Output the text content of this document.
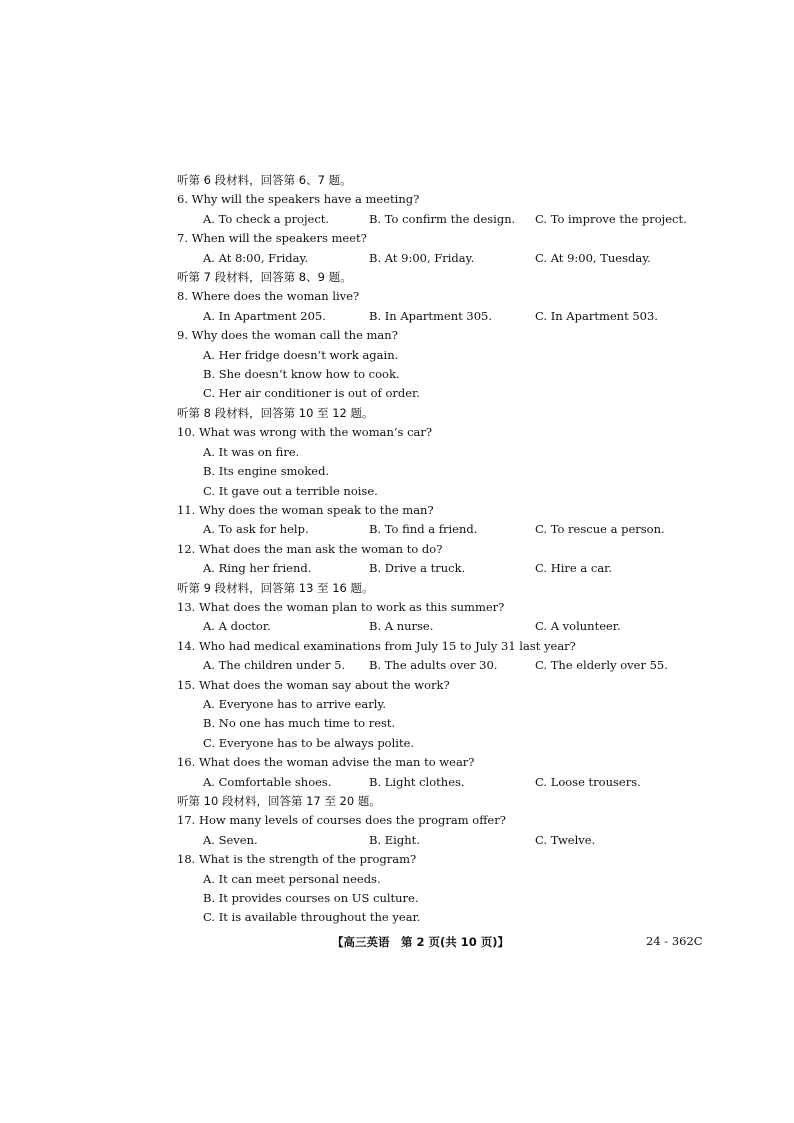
听第 6 段材料，回答第 6、7 题。
6. Why will the speakers have a meeting?
A. To check a project.	B. To confirm the design.	C. To improve the project.
7. When will the speakers meet?
A. At 8:00, Friday.	B. At 9:00, Friday.	C. At 9:00, Tuesday.
听第 7 段材料，回答第 8、9 题。
8. Where does the woman live?
A. In Apartment 205.	B. In Apartment 305.	C. In Apartment 503.
9. Why does the woman call the man?
A. Her fridge doesn’t work again.
B. She doesn’t know how to cook.
C. Her air conditioner is out of order.
听第 8 段材料，回答第 10 至 12 题。
10. What was wrong with the woman’s car?
A. It was on fire.
B. Its engine smoked.
C. It gave out a terrible noise.
11. Why does the woman speak to the man?
A. To ask for help.	B. To find a friend.	C. To rescue a person.
12. What does the man ask the woman to do?
A. Ring her friend.	B. Drive a truck.	C. Hire a car.
听第 9 段材料，回答第 13 至 16 题。
13. What does the woman plan to work as this summer?
A. A doctor.	B. A nurse.	C. A volunteer.
14. Who had medical examinations from July 15 to July 31 last year?
A. The children under 5.	B. The adults over 30.	C. The elderly over 55.
15. What does the woman say about the work?
A. Everyone has to arrive early.
B. No one has much time to rest.
C. Everyone has to be always polite.
16. What does the woman advise the man to wear?
A. Comfortable shoes.	B. Light clothes.	C. Loose trousers.
听第 10 段材料，回答第 17 至 20 题。
17. How many levels of courses does the program offer?
A. Seven.	B. Eight.	C. Twelve.
18. What is the strength of the program?
A. It can meet personal needs.
B. It provides courses on US culture.
C. It is available throughout the year.
【高三英语　第 2 页(共 10 页)】	24 - 362C
